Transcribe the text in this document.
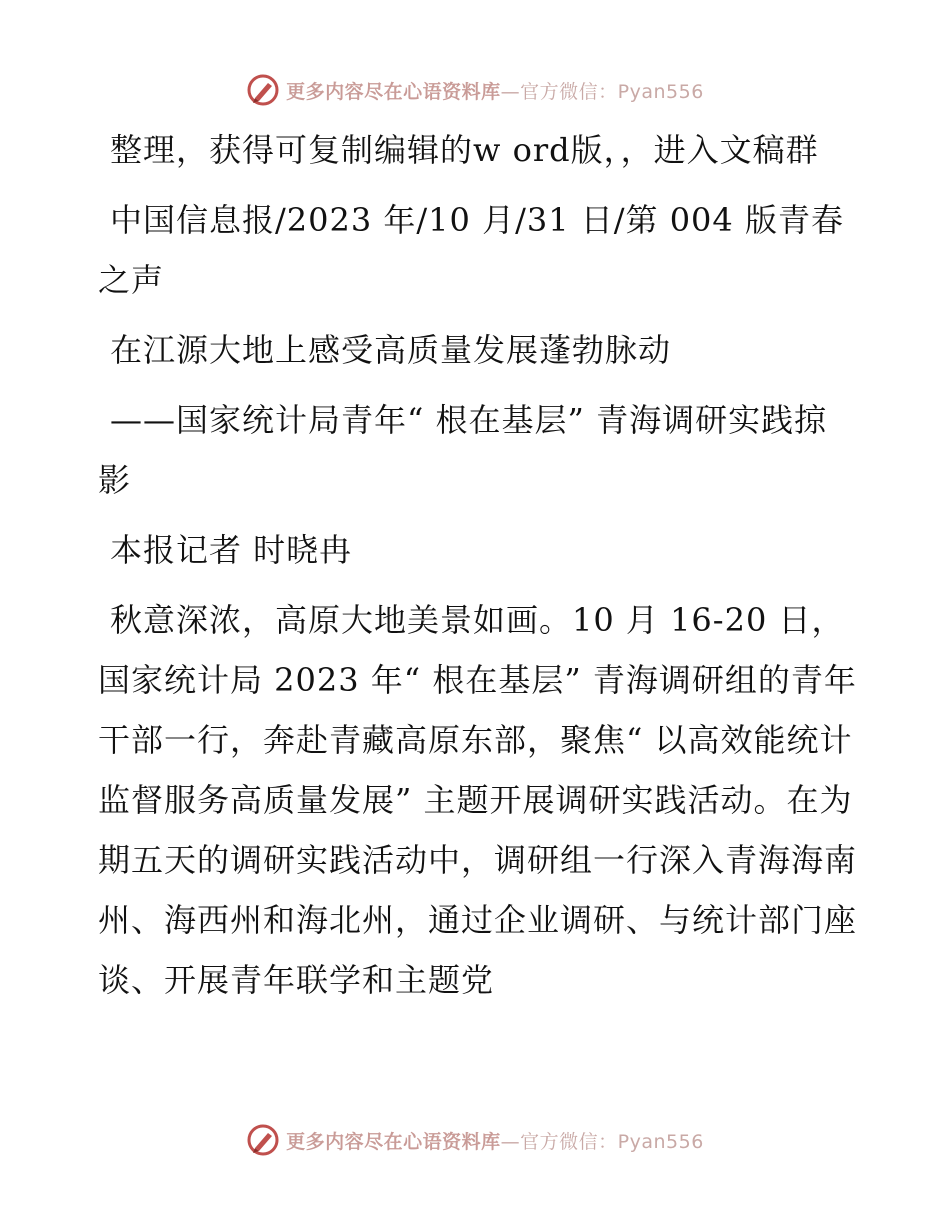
更多内容尽在心语资料库—官方微信：Pyan556

整理，获得可复制编辑的w ord版，，进入文稿群

中国信息报/2023 年/10 月/31 日/第 004 版青春之声

在江源大地上感受高质量发展蓬勃脉动

——国家统计局青年“ 根在基层” 青海调研实践掠影

本报记者 时晓冉

秋意深浓，高原大地美景如画。10 月 16-20 日，国家统计局 2023 年“ 根在基层” 青海调研组的青年干部一行，奔赴青藏高原东部，聚焦“ 以高效能统计监督服务高质量发展” 主题开展调研实践活动。在为期五天的调研实践活动中，调研组一行深入青海海南州、海西州和海北州，通过企业调研、与统计部门座谈、开展青年联学和主题党

更多内容尽在心语资料库—官方微信：Pyan556
